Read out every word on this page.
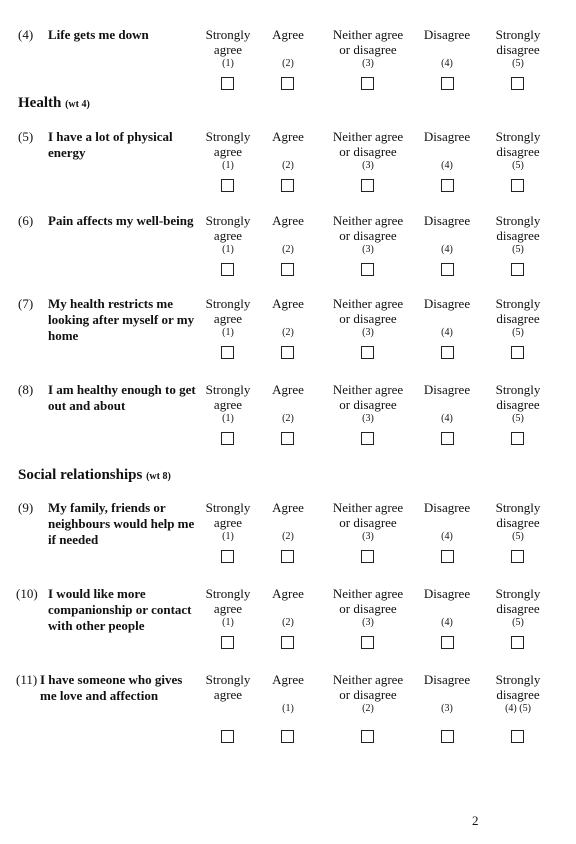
Health (wt 4)
Social relationships (wt 8)
(4) Life gets me down	Strongly agree
(1)
Agree
(2)
Neither agree or disagree
(3)
Disagree
(4)
Strongly disagree
(5)
(5) I have a lot of physical energy
Strongly agree
(1)
Agree
(2)
Neither agree or disagree
(3)
Disagree
(4)
Strongly disagree
(5)
(6) Pain affects my well-being Strongly agree
(1)
Agree
(2)
Neither agree or disagree
(3)
Disagree
(4)
Strongly disagree
(5)
(7) My health restricts me looking after myself or my home
Strongly agree
(1)
Agree
(2)
Neither agree or disagree
(3)
Disagree
(4)
Strongly disagree
(5)
(8) I am healthy enough to get out and about
Strongly agree
(1)
Agree
(2)
Neither agree or disagree
(3)
Disagree
(4)
Strongly disagree
(5)
(9) My family, friends or neighbours would help me if needed
Strongly agree
(1)
Agree
(2)
Neither agree or disagree
(3)
Disagree
(4)
Strongly disagree
(5)
(10) I would like more companionship or contact with other people
Strongly agree
(1)
Agree
(2)
Neither agree or disagree
(3)
Disagree
(4)
Strongly disagree
(5)
(11) I have someone who gives me love and affection
Strongly agree
Agree
(1)
Neither agree or disagree
(2)
Disagree
(3)
Strongly disagree
(4) (5)
2
